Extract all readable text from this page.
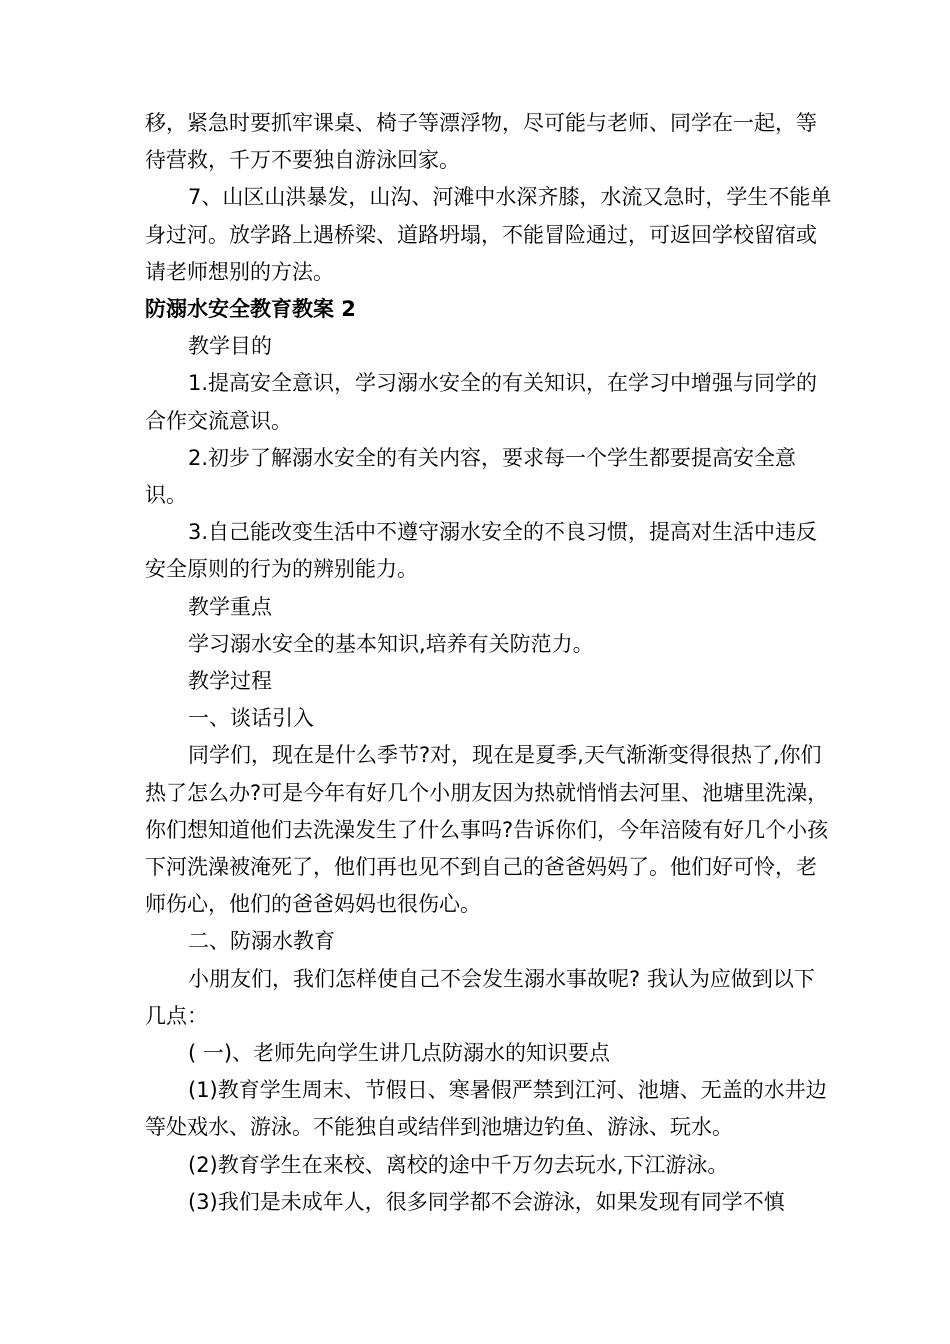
移，紧急时要抓牢课桌、椅子等漂浮物，尽可能与老师、同学在一起，等待营救，千万不要独自游泳回家。

7、山区山洪暴发，山沟、河滩中水深齐膝，水流又急时，学生不能单身过河。放学路上遇桥梁、道路坍塌，不能冒险通过，可返回学校留宿或请老师想别的方法。

防溺水安全教育教案 2

教学目的

1.提高安全意识，学习溺水安全的有关知识，在学习中增强与同学的合作交流意识。

2.初步了解溺水安全的有关内容，要求每一个学生都要提高安全意识。

3.自己能改变生活中不遵守溺水安全的不良习惯，提高对生活中违反安全原则的行为的辨别能力。

教学重点

学习溺水安全的基本知识,培养有关防范力。

教学过程

一、谈话引入

同学们，现在是什么季节?对，现在是夏季,天气渐渐变得很热了,你们热了怎么办?可是今年有好几个小朋友因为热就悄悄去河里、池塘里洗澡，你们想知道他们去洗澡发生了什么事吗?告诉你们，今年涪陵有好几个小孩下河洗澡被淹死了，他们再也见不到自己的爸爸妈妈了。他们好可怜，老师伤心，他们的爸爸妈妈也很伤心。

二、防溺水教育

小朋友们，我们怎样使自己不会发生溺水事故呢? 我认为应做到以下几点：

( 一)、老师先向学生讲几点防溺水的知识要点

(1)教育学生周末、节假日、寒暑假严禁到江河、池塘、无盖的水井边等处戏水、游泳。不能独自或结伴到池塘边钓鱼、游泳、玩水。

(2)教育学生在来校、离校的途中千万勿去玩水,下江游泳。

(3)我们是未成年人，很多同学都不会游泳，如果发现有同学不慎
